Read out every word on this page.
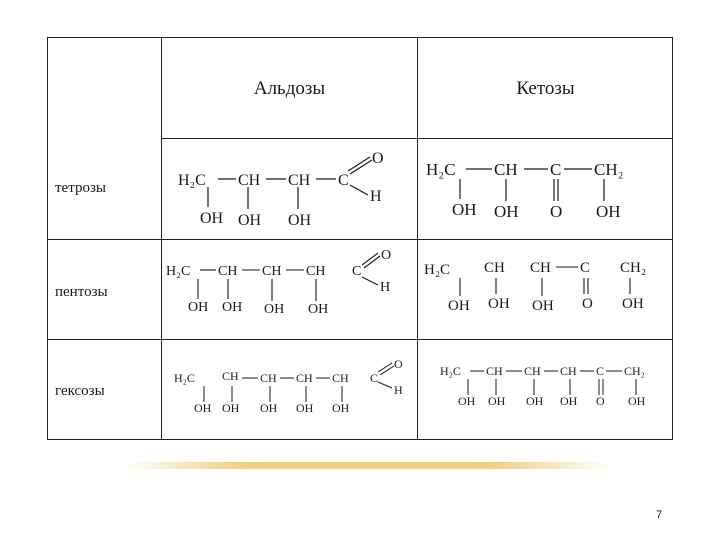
Альдозы	Кетозы
тетрозы
пентозы
гексозы
H₂C CH CH C
OH OH OH
O
H
H₂C CH C CH₂
OH OH O OH
H₂C CH CH CH C
OH OH OH OH
O
H
H₂C CH CH C CH₂
OH OH OH O OH
H₂C CH CH CH CH C
OH OH OH OH OH
O
H
H₂C CH CH CH C CH₂
OH OH OH OH O OH
7
